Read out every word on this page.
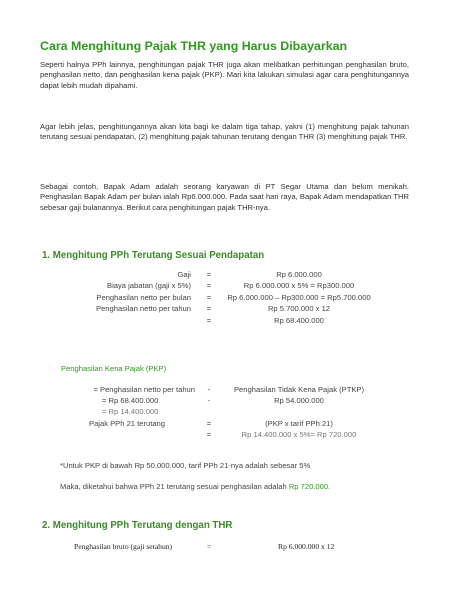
Cara Menghitung Pajak THR yang Harus Dibayarkan
Seperti halnya PPh lainnya, penghitungan pajak THR juga akan melibatkan perhitungan penghasilan bruto, penghasilan netto, dan penghasilan kena pajak (PKP). Mari kita lakukan simulasi agar cara penghitungannya dapat lebih mudah dipahami.
Agar lebih jelas, penghitungannya akan kita bagi ke dalam tiga tahap, yakni (1) menghitung pajak tahunan terutang sesuai pendapatan, (2) menghitung pajak tahunan terutang dengan THR (3) menghitung pajak THR.
Sebagai contoh, Bapak Adam adalah seorang karyawan di PT Segar Utama dan belum menikah. Penghasilan Bapak Adam per bulan ialah Rp6.000.000. Pada saat hari raya, Bapak Adam mendapatkan THR sebesar gaji bulanannya. Berikut cara penghitungan pajak THR-nya.
1. Menghitung PPh Terutang Sesuai Pendapatan
Gaji	=	Rp 6.000.000
Biaya jabatan (gaji x 5%)	=	Rp 6.000.000 x 5% = Rp300.000
Penghasilan netto per bulan	=	Rp 6.000.000 – Rp300.000 = Rp5.700.000
Penghasilan netto per tahun	=	Rp 5.700.000 x 12
=	Rp 68.400.000
Penghasilan Kena Pajak (PKP)
= Penghasilan netto per tahun	-	Penghasilan Tidak Kena Pajak (PTKP)
= Rp 68.400.000	-	Rp 54.000.000
= Rp 14.400.000
Pajak PPh 21 terutang	=	(PKP x tarif PPh 21)
=	Rp 14.400.000 x 5%= Rp 720.000
*Untuk PKP di bawah Rp 50.000.000, tarif PPh 21-nya adalah sebesar 5%
Maka, diketahui bahwa PPh 21 terutang sesuai penghasilan adalah Rp 720.000.
2. Menghitung PPh Terutang dengan THR
Penghasilan bruto (gaji setahun)	=	Rp 6.000.000 x 12
